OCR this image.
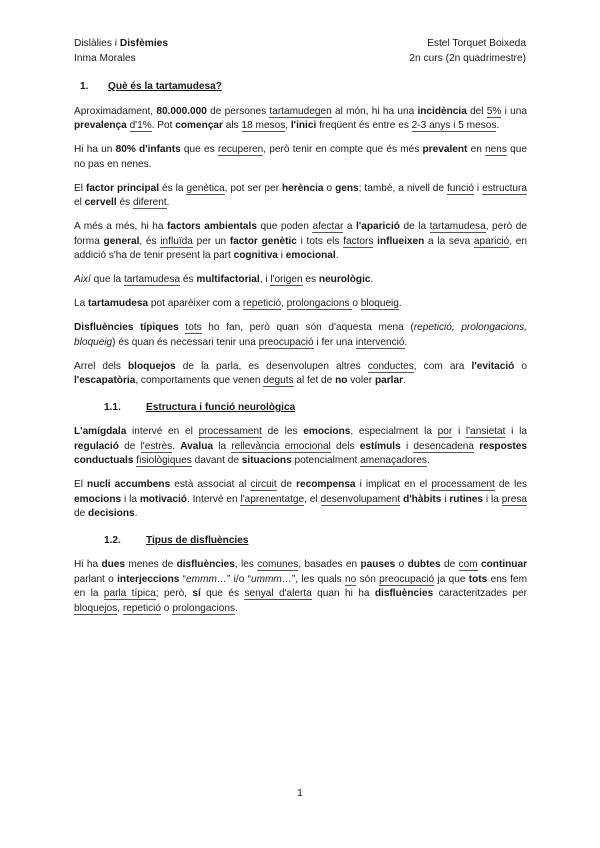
Dislàlies i Disfèmies
Inma Morales
Estel Torquet Boixeda
2n curs (2n quadrimestre)
1.	Què és la tartamudesa?

Aproximadament, 80.000.000 de persones tartamudegen al món, hi ha una incidència del 5% i una prevalença d'1%. Pot començar als 18 mesos, l'inici freqüent és entre es 2-3 anys i 5 mesos.

Hi ha un 80% d'infants que es recuperen, però tenir en compte que és més prevalent en nens que no pas en nenes.

El factor principal és la genètica, pot ser per herència o gens; també, a nivell de funció i estructura el cervell és diferent.

A més a més, hi ha factors ambientals que poden afectar a l'aparició de la tartamudesa, però de forma general, és influïda per un factor genètic i tots els factors influeixen a la seva aparició, en addició s'ha de tenir present la part cognitiva i emocional.

Així que la tartamudesa és multifactorial, i l'origen es neurològic.

La tartamudesa pot aparèixer com a repetició, prolongacions o bloqueig.

Disfluències típiques tots ho fan, però quan són d'aquesta mena (repetició, prolongacions, bloqueig) és quan és necessari tenir una preocupació i fer una intervenció.

Arrel dels bloquejos de la parla, es desenvolupen altres conductes, com ara l'evitació o l'escapatòria, comportaments que venen deguts al fet de no voler parlar.

1.1.	Estructura i funció neurològica

L'amígdala intervé en el processament de les emocions, especialment la por i l'ansietat i la regulació de l'estrès. Avalua la rellevància emocional dels estímuls i desencadena respostes conductuals fisiològiques davant de situacions potencialment amenaçadores.

El nucli accumbens està associat al circuit de recompensa i implicat en el processament de les emocions i la motivació. Intervé en l'aprenentatge, el desenvolupament d'hàbits i rutines i la presa de decisions.

1.2.	Tipus de disfluències

Hi ha dues menes de disfluències, les comunes, basades en pauses o dubtes de com continuar parlant o interjeccions “emmm…” i/o “ummm…”, les quals no són preocupació ja que tots ens fem en la parla típica; però, sí que és senyal d'alerta quan hi ha disfluències caracteritzades per bloquejos, repetició o prolongacions.

1
